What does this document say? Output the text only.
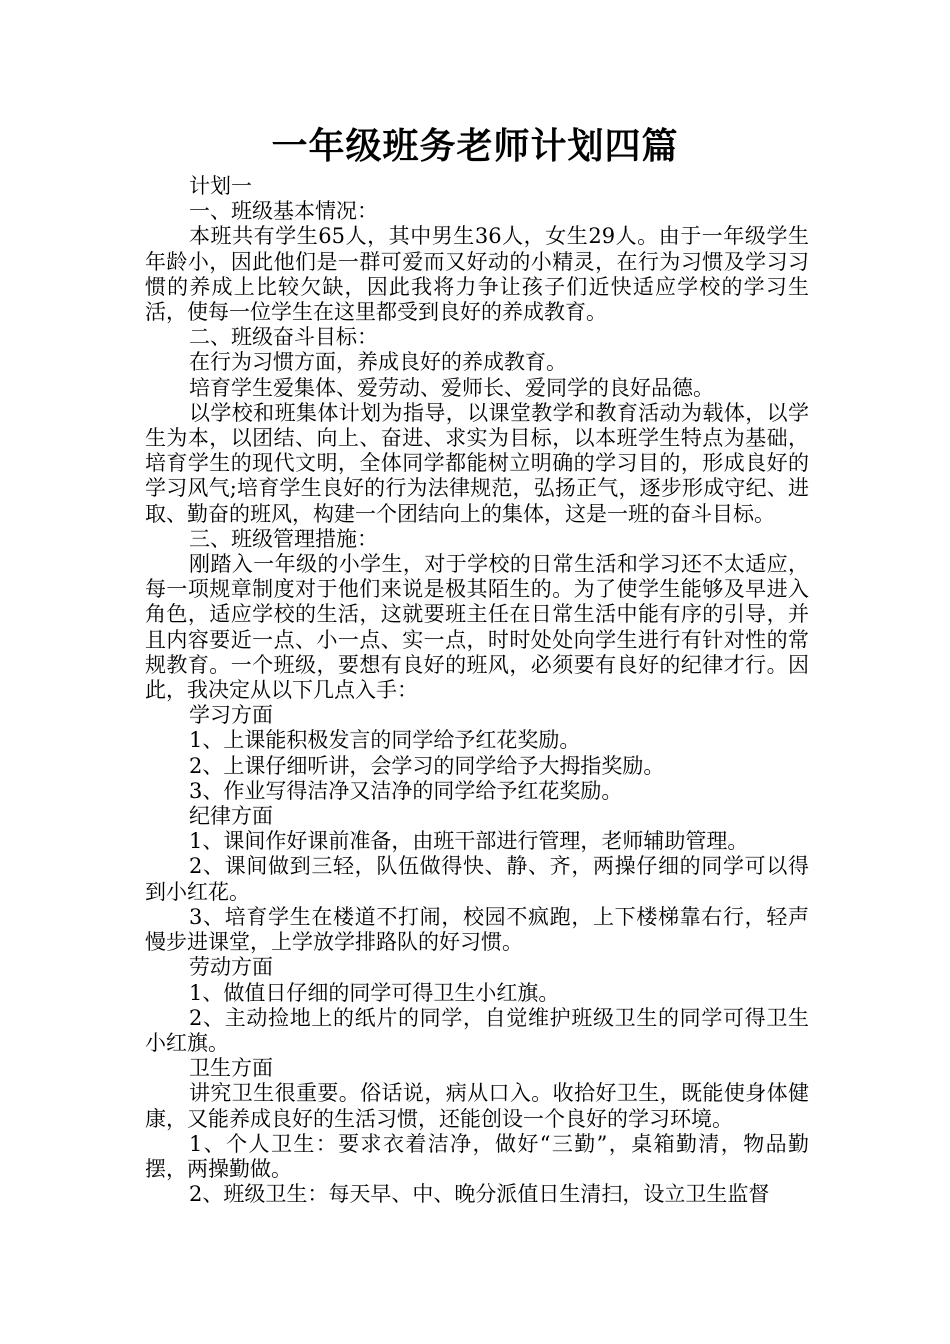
一年级班务老师计划四篇

计划一

一、班级基本情况：

本班共有学生65人，其中男生36人，女生29人。由于一年级学生年龄小，因此他们是一群可爱而又好动的小精灵，在行为习惯及学习习惯的养成上比较欠缺，因此我将力争让孩子们近快适应学校的学习生活，使每一位学生在这里都受到良好的养成教育。

二、班级奋斗目标：

在行为习惯方面，养成良好的养成教育。

培育学生爱集体、爱劳动、爱师长、爱同学的良好品德。

以学校和班集体计划为指导，以课堂教学和教育活动为载体，以学生为本，以团结、向上、奋进、求实为目标，以本班学生特点为基础，培育学生的现代文明，全体同学都能树立明确的学习目的，形成良好的学习风气;培育学生良好的行为法律规范，弘扬正气，逐步形成守纪、进取、勤奋的班风，构建一个团结向上的集体，这是一班的奋斗目标。

三、班级管理措施：

刚踏入一年级的小学生，对于学校的日常生活和学习还不太适应，每一项规章制度对于他们来说是极其陌生的。为了使学生能够及早进入角色，适应学校的生活，这就要班主任在日常生活中能有序的引导，并且内容要近一点、小一点、实一点，时时处处向学生进行有针对性的常规教育。一个班级，要想有良好的班风，必须要有良好的纪律才行。因此，我决定从以下几点入手：

学习方面

1、上课能积极发言的同学给予红花奖励。

2、上课仔细听讲，会学习的同学给予大拇指奖励。

3、作业写得洁净又洁净的同学给予红花奖励。

纪律方面

1、课间作好课前准备，由班干部进行管理，老师辅助管理。

2、课间做到三轻，队伍做得快、静、齐，两操仔细的同学可以得到小红花。

3、培育学生在楼道不打闹，校园不疯跑，上下楼梯靠右行，轻声慢步进课堂，上学放学排路队的好习惯。

劳动方面

1、做值日仔细的同学可得卫生小红旗。

2、主动捡地上的纸片的同学，自觉维护班级卫生的同学可得卫生小红旗。

卫生方面

讲究卫生很重要。俗话说，病从口入。收拾好卫生，既能使身体健康，又能养成良好的生活习惯，还能创设一个良好的学习环境。

1、个人卫生：要求衣着洁净，做好“三勤”，桌箱勤清，物品勤摆，两操勤做。

2、班级卫生：每天早、中、晚分派值日生清扫，设立卫生监督
